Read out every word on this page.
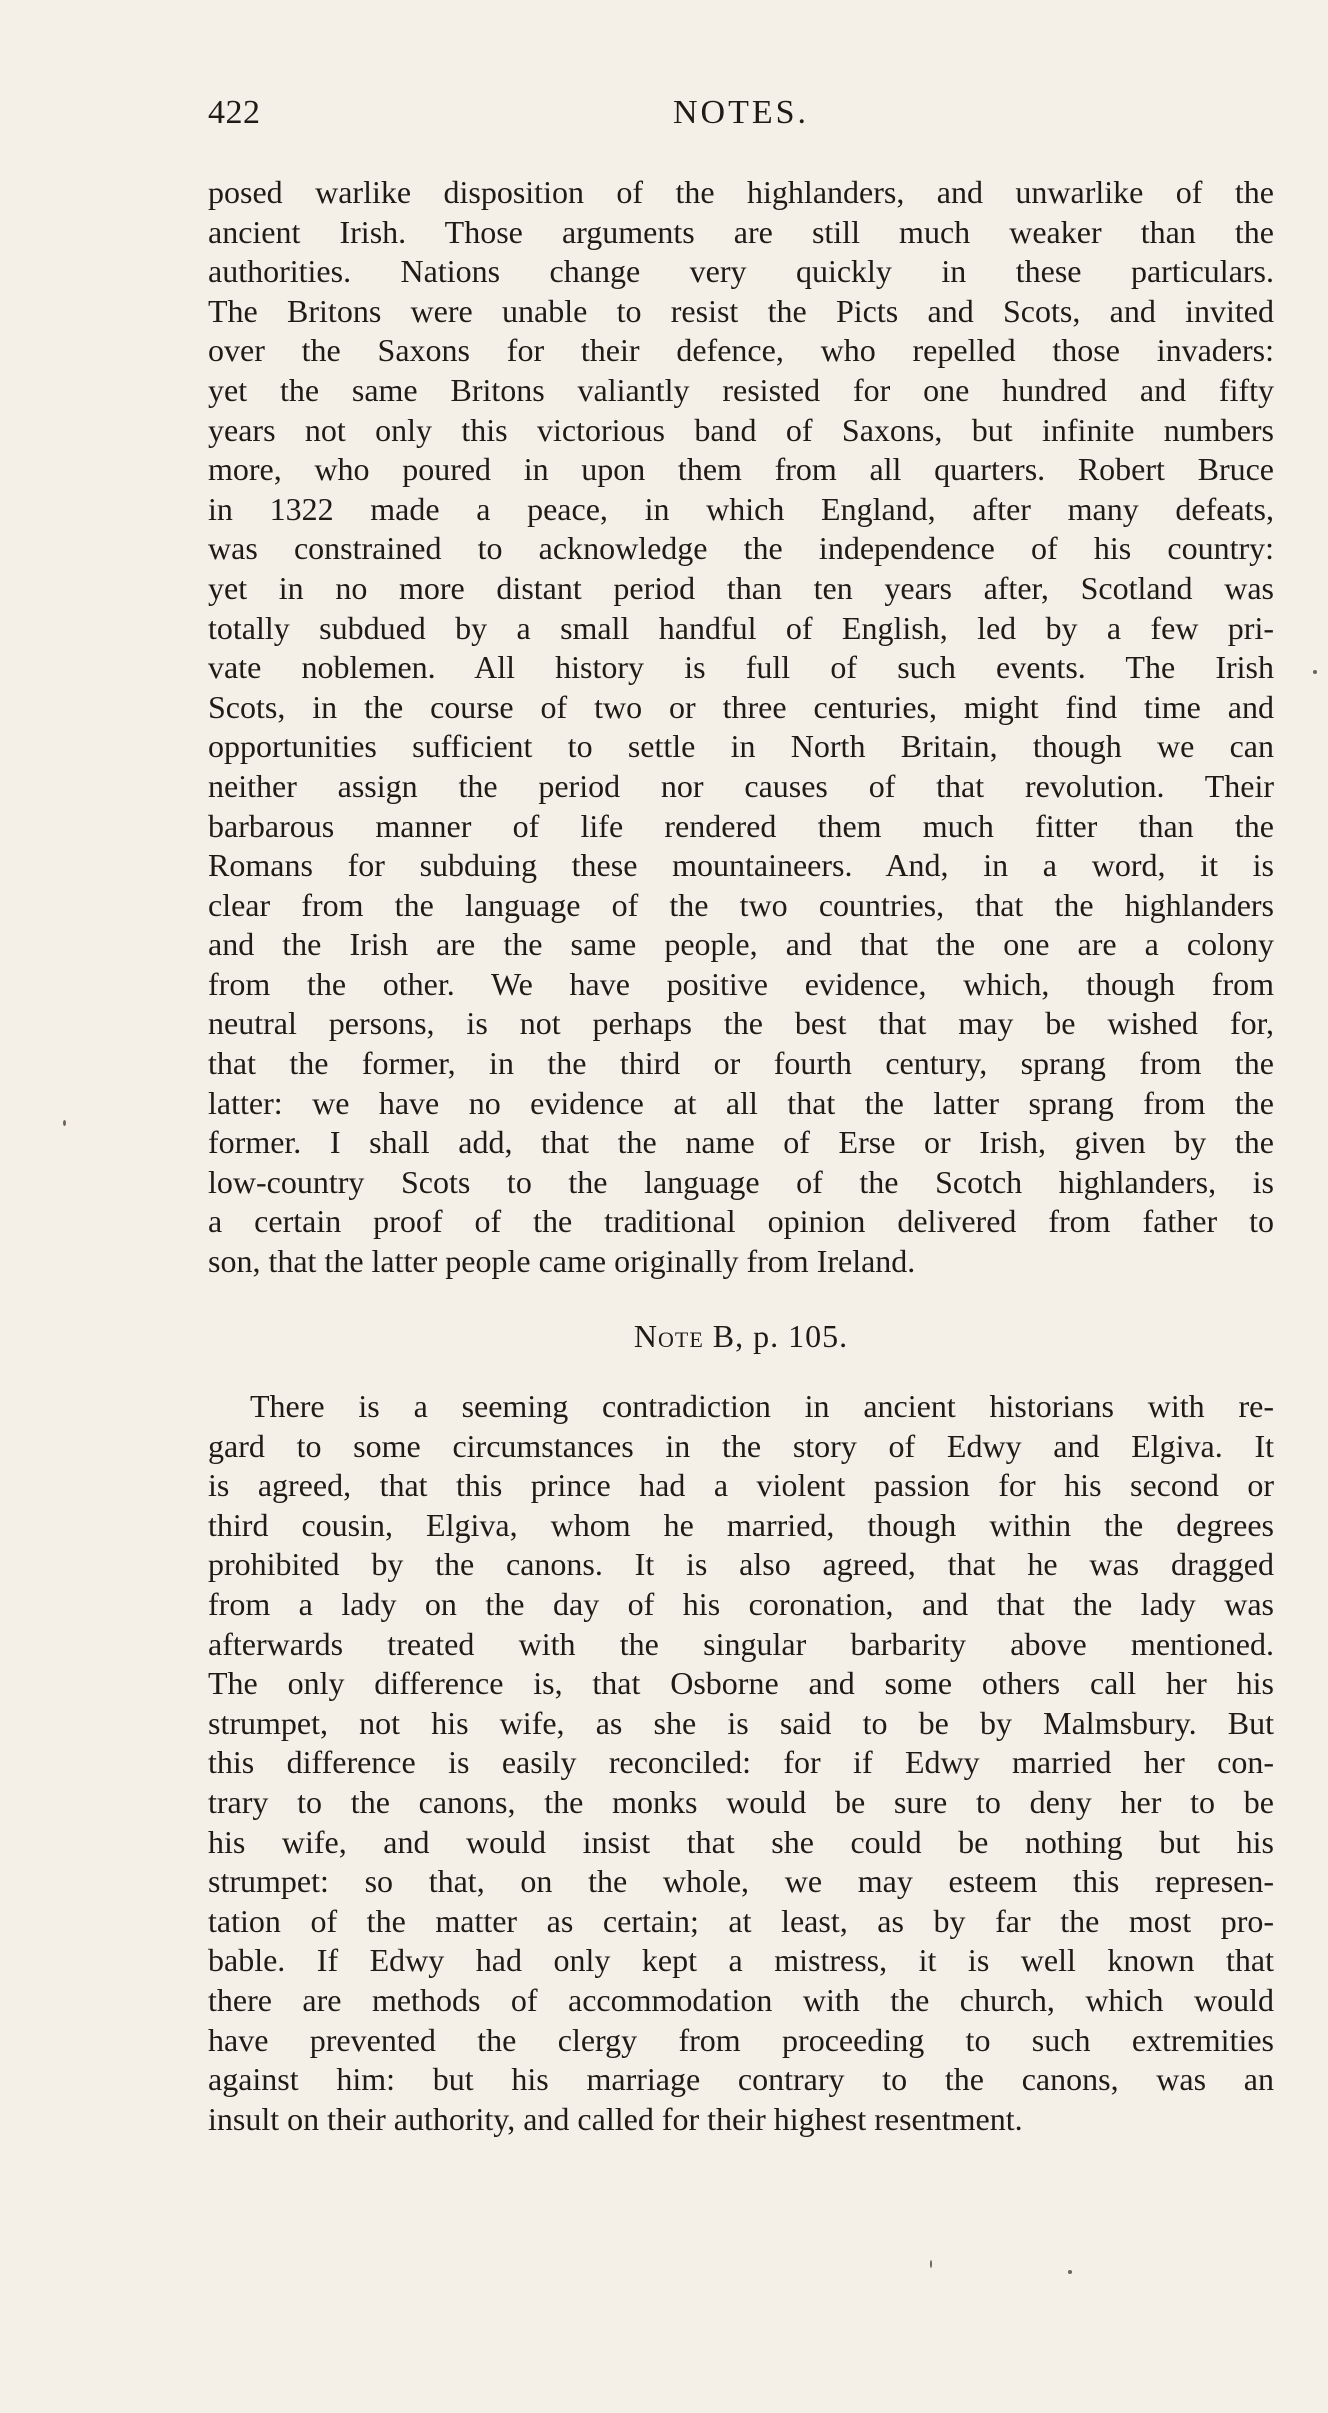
422	NOTES.
posed warlike disposition of the highlanders, and unwarlike of the
ancient Irish. Those arguments are still much weaker than the
authorities. Nations change very quickly in these particulars.
The Britons were unable to resist the Picts and Scots, and invited
over the Saxons for their defence, who repelled those invaders:
yet the same Britons valiantly resisted for one hundred and fifty
years not only this victorious band of Saxons, but infinite numbers
more, who poured in upon them from all quarters. Robert Bruce
in 1322 made a peace, in which England, after many defeats,
was constrained to acknowledge the independence of his country:
yet in no more distant period than ten years after, Scotland was
totally subdued by a small handful of English, led by a few pri-
vate noblemen. All history is full of such events. The Irish
Scots, in the course of two or three centuries, might find time and
opportunities sufficient to settle in North Britain, though we can
neither assign the period nor causes of that revolution. Their
barbarous manner of life rendered them much fitter than the
Romans for subduing these mountaineers. And, in a word, it is
clear from the language of the two countries, that the highlanders
and the Irish are the same people, and that the one are a colony
from the other. We have positive evidence, which, though from
neutral persons, is not perhaps the best that may be wished for,
that the former, in the third or fourth century, sprang from the
latter: we have no evidence at all that the latter sprang from the
former. I shall add, that the name of Erse or Irish, given by the
low-country Scots to the language of the Scotch highlanders, is
a certain proof of the traditional opinion delivered from father to
son, that the latter people came originally from Ireland.
Note B, p. 105.
There is a seeming contradiction in ancient historians with re-
gard to some circumstances in the story of Edwy and Elgiva. It
is agreed, that this prince had a violent passion for his second or
third cousin, Elgiva, whom he married, though within the degrees
prohibited by the canons. It is also agreed, that he was dragged
from a lady on the day of his coronation, and that the lady was
afterwards treated with the singular barbarity above mentioned.
The only difference is, that Osborne and some others call her his
strumpet, not his wife, as she is said to be by Malmsbury. But
this difference is easily reconciled: for if Edwy married her con-
trary to the canons, the monks would be sure to deny her to be
his wife, and would insist that she could be nothing but his
strumpet: so that, on the whole, we may esteem this represen-
tation of the matter as certain; at least, as by far the most pro-
bable. If Edwy had only kept a mistress, it is well known that
there are methods of accommodation with the church, which would
have prevented the clergy from proceeding to such extremities
against him: but his marriage contrary to the canons, was an
insult on their authority, and called for their highest resentment.
